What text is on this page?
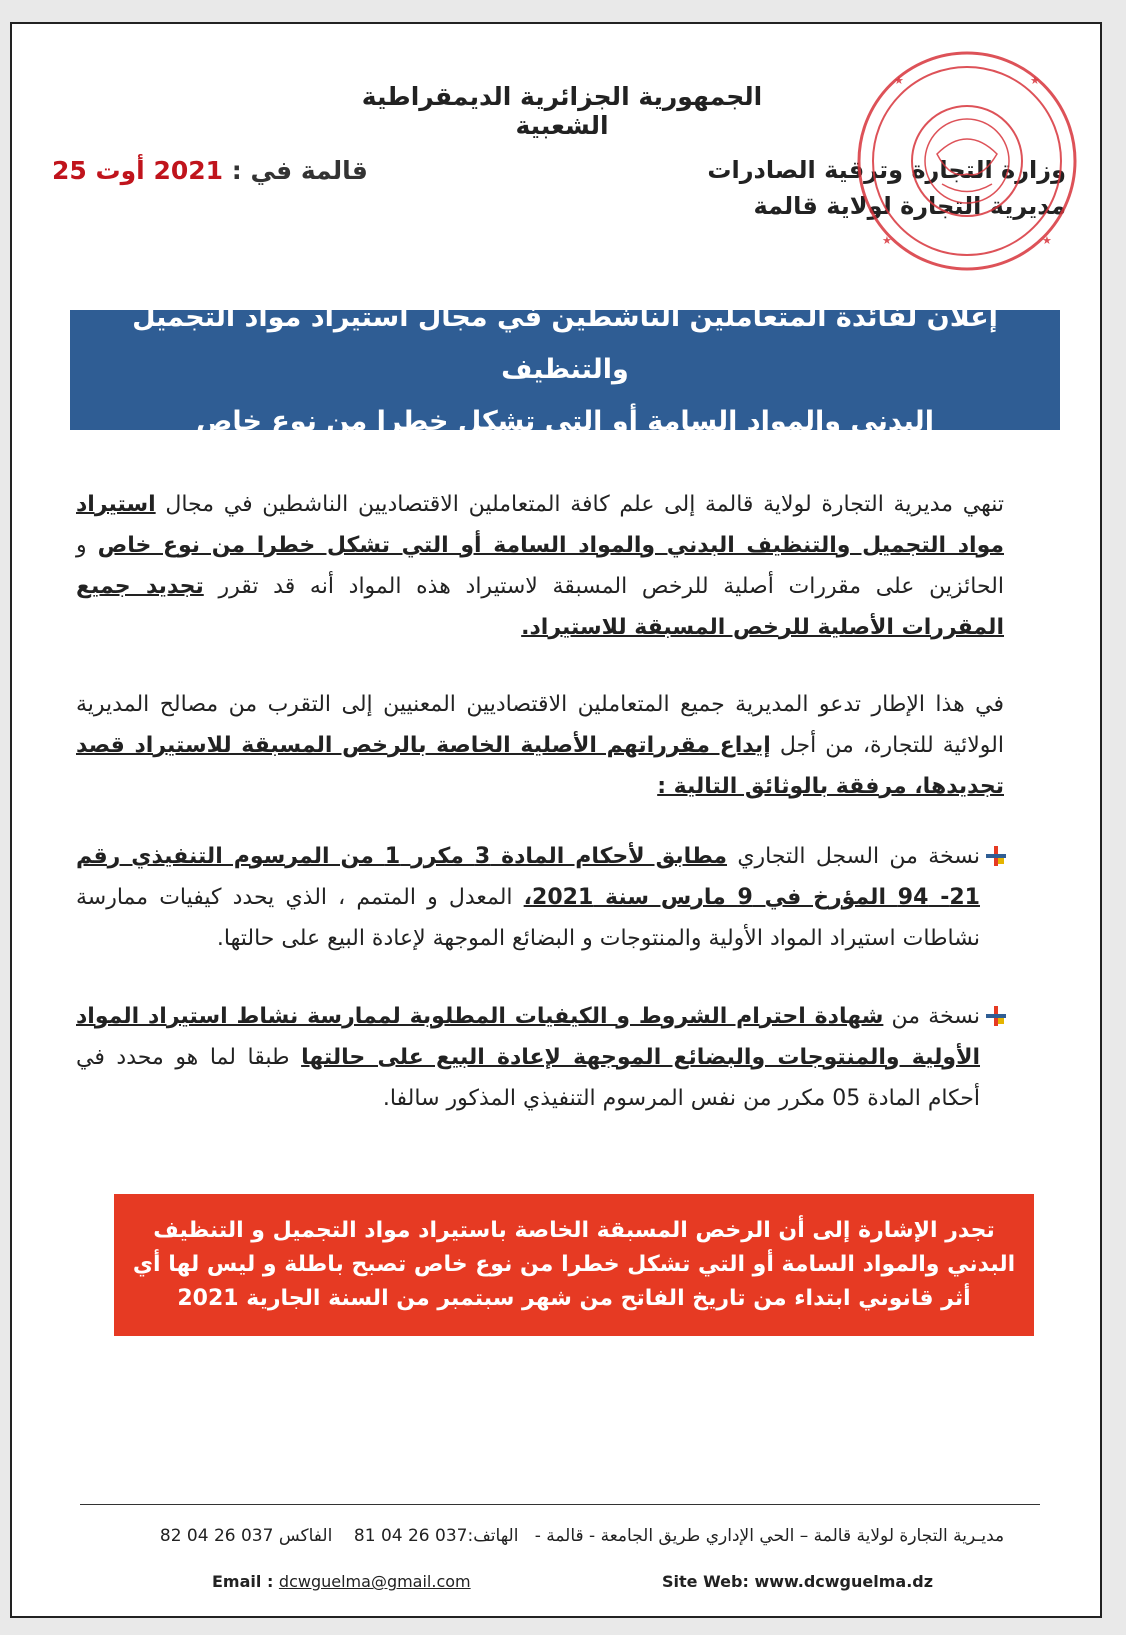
الجمهورية الجزائرية الديمقراطية الشعبية
وزارة التجارة وترقية الصادرات
مديرية التجارة لولاية قالمة
قالمة في : 2021 أوت 25
★	★
★	★
إعلان لفائدة المتعاملين الناشطين في مجال استيراد مواد التجميل والتنظيف
البدني والمواد السامة أو التي تشكل خطرا من نوع خاص
تنهي مديرية التجارة لولاية قالمة إلى علم كافة المتعاملين الاقتصاديين الناشطين في مجال استيراد مواد التجميل والتنظيف البدني والمواد السامة أو التي تشكل خطرا من نوع خاص و الحائزين على مقررات أصلية للرخص المسبقة لاستيراد هذه المواد أنه قد تقرر تجديد جميع المقررات الأصلية للرخص المسبقة للاستيراد.
في هذا الإطار تدعو المديرية جميع المتعاملين الاقتصاديين المعنيين إلى التقرب من مصالح المديرية الولائية للتجارة، من أجل إيداع مقرراتهم الأصلية الخاصة بالرخص المسبقة للاستيراد قصد تجديدها، مرفقة بالوثائق التالية :
نسخة من السجل التجاري مطابق لأحكام المادة 3 مكرر 1 من المرسوم التنفيذي رقم 21- 94 المؤرخ في 9 مارس سنة 2021، المعدل و المتمم ، الذي يحدد كيفيات ممارسة نشاطات استيراد المواد الأولية والمنتوجات و البضائع الموجهة لإعادة البيع على حالتها.
نسخة من شهادة احترام الشروط و الكيفيات المطلوبة لممارسة نشاط استيراد المواد الأولية والمنتوجات والبضائع الموجهة لإعادة البيع على حالتها طبقا لما هو محدد في أحكام المادة 05 مكرر من نفس المرسوم التنفيذي المذكور سالفا.
تجدر الإشارة إلى أن الرخص المسبقة الخاصة باستيراد مواد التجميل و التنظيف البدني والمواد السامة أو التي تشكل خطرا من نوع خاص تصبح باطلة و ليس لها أي أثر قانوني ابتداء من تاريخ الفاتح من شهر سبتمبر من السنة الجارية 2021
مديـرية التجارة لولاية قالمة – الحي الإداري طريق الجامعة - قالمة -   الهاتف:81 04 26 037    الفاكس 82 04 26 037
Email : dcwguelma@gmail.com	Site Web: www.dcwguelma.dz
